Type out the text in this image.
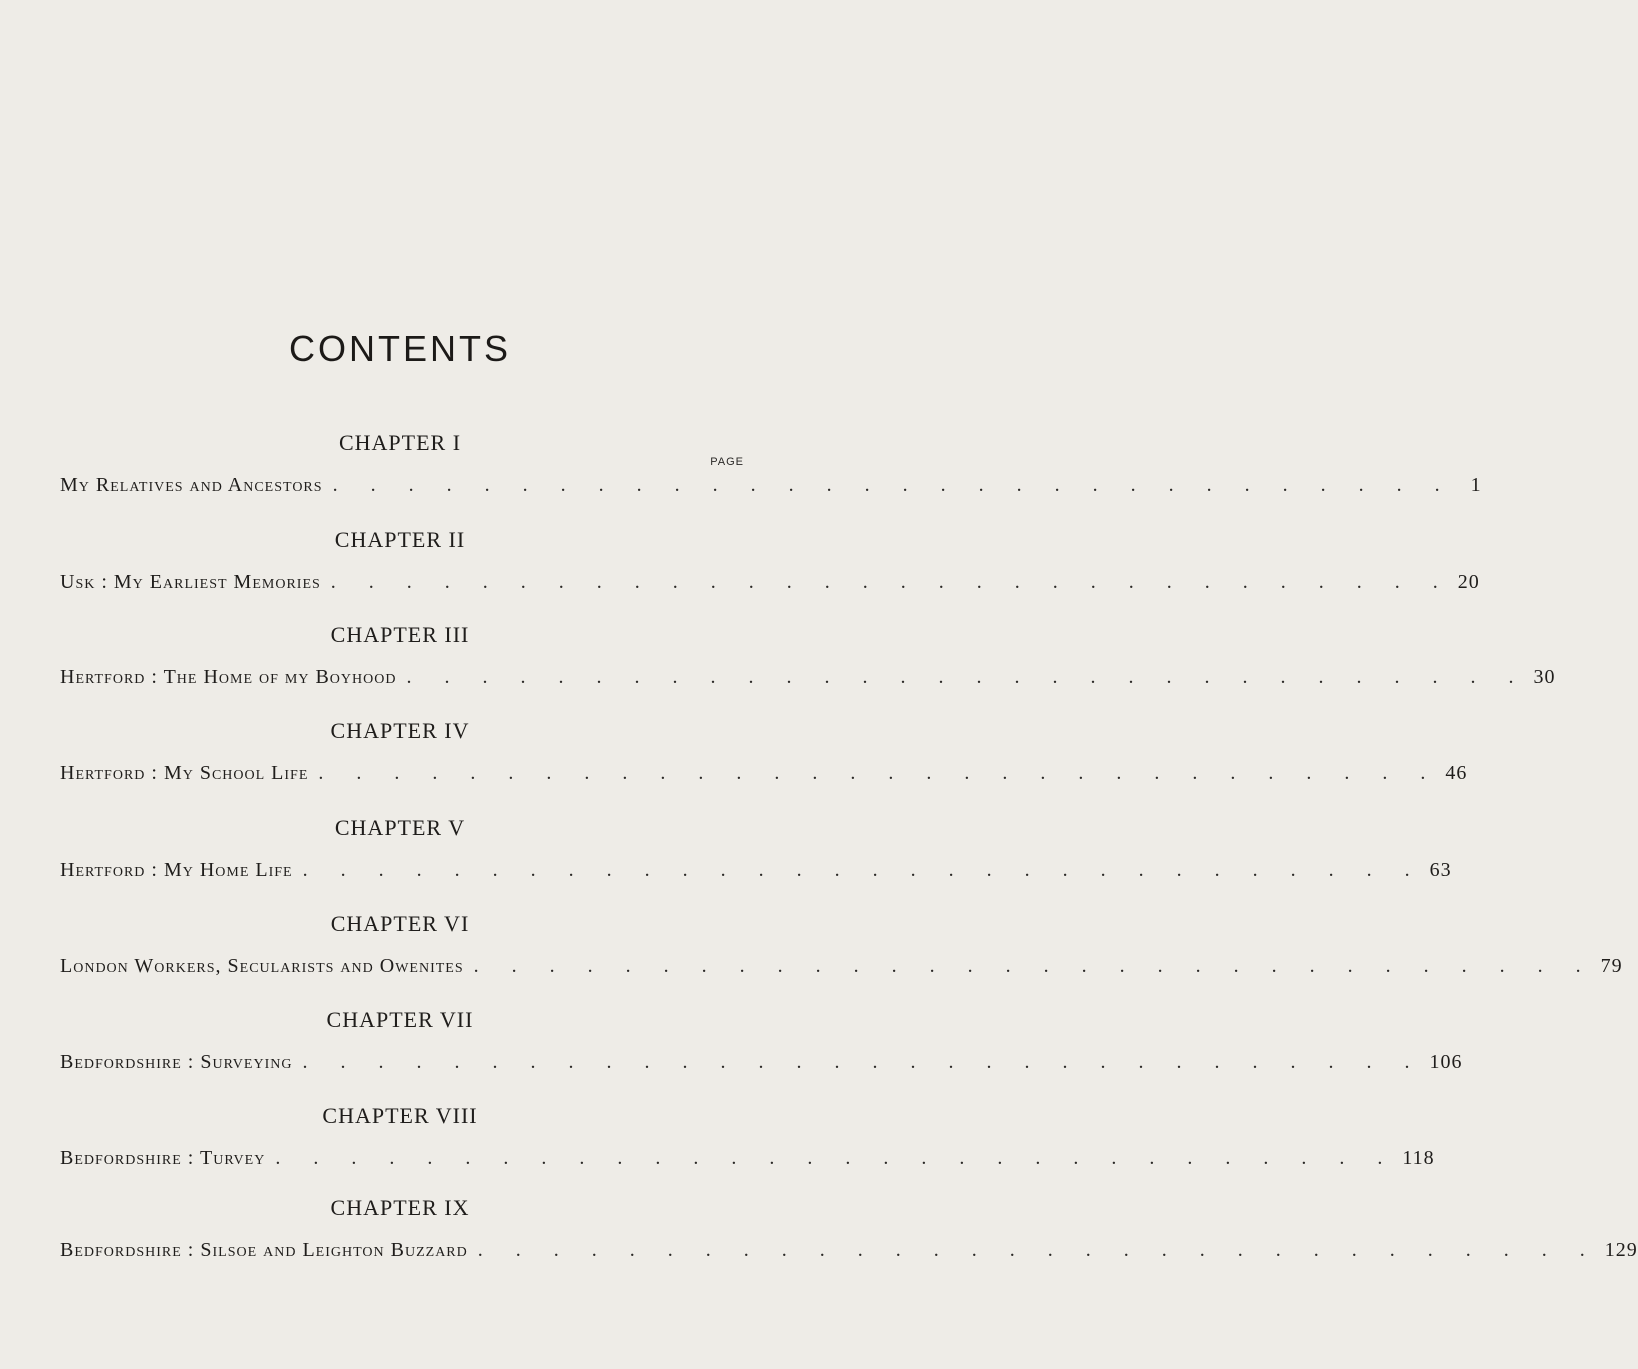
CONTENTS
PAGE
CHAPTER I
My Relatives and Ancestors . . . . . . . . . . . . . . . . . . . . . . . . . . . . . . 1
CHAPTER II
Usk : My Earliest Memories . . . . . . . . . . . . . . . . . . . . . . . . . . . . . . 20
CHAPTER III
Hertford : The Home of my Boyhood . . . . . . . . . . . . . . . . . . . . . . . . . . . . . . 30
CHAPTER IV
Hertford : My School Life . . . . . . . . . . . . . . . . . . . . . . . . . . . . . . 46
CHAPTER V
Hertford : My Home Life . . . . . . . . . . . . . . . . . . . . . . . . . . . . . . 63
CHAPTER VI
London Workers, Secularists and Owenites . . . . . . . . . . . . . . . . . . . . . . . . . . . . . . 79
CHAPTER VII
Bedfordshire : Surveying . . . . . . . . . . . . . . . . . . . . . . . . . . . . . . 106
CHAPTER VIII
Bedfordshire : Turvey . . . . . . . . . . . . . . . . . . . . . . . . . . . . . . 118
CHAPTER IX
Bedfordshire : Silsoe and Leighton Buzzard . . . . . . . . . . . . . . . . . . . . . . . . . . . . . . 129
